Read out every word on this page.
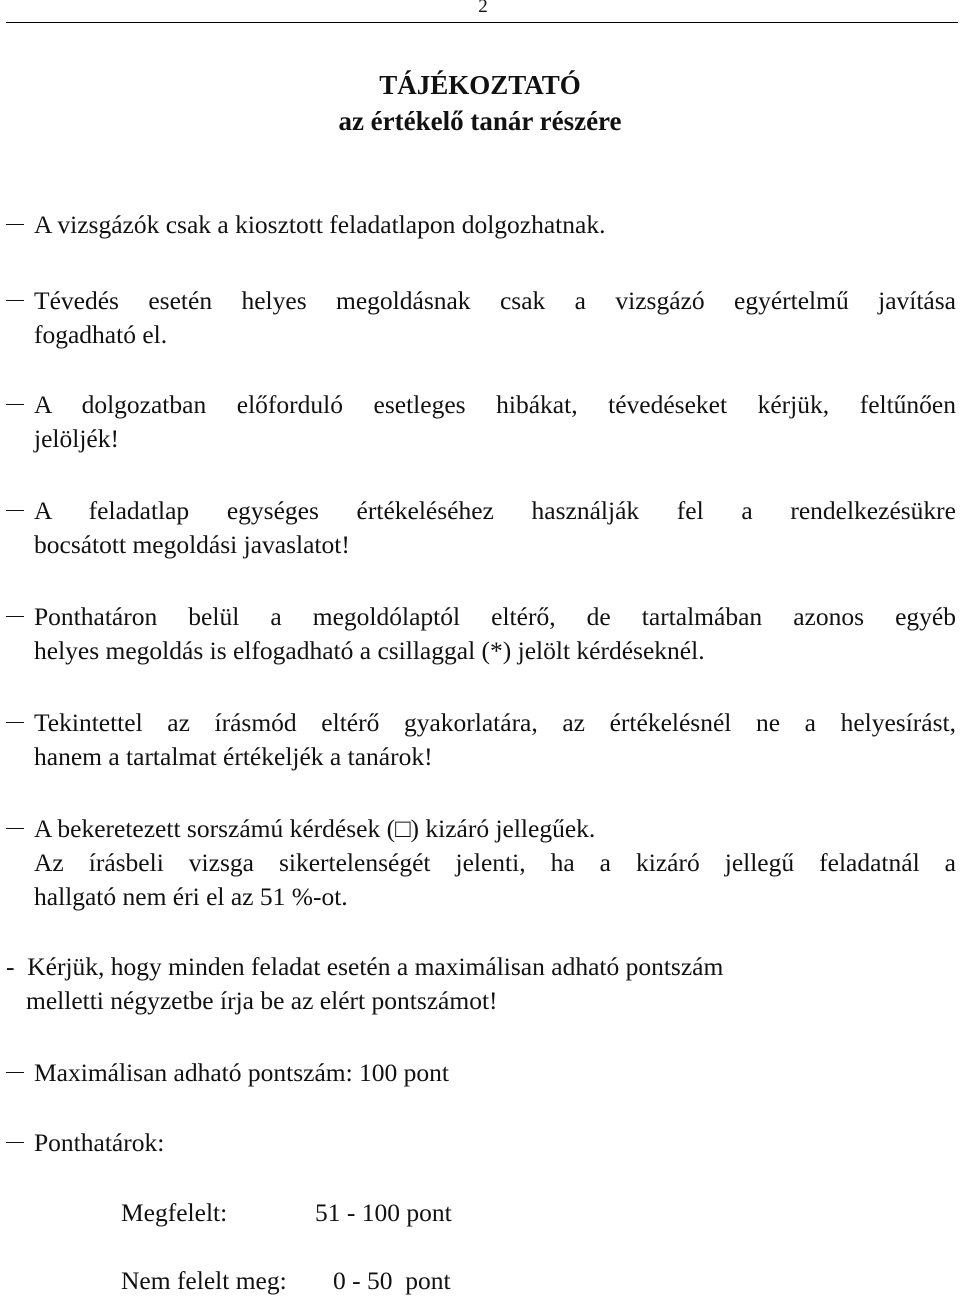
2
TÁJÉKOZTATÓ
az értékelő tanár részére
A vizsgázók csak a kiosztott feladatlapon dolgozhatnak.
Tévedés esetén helyes megoldásnak csak a vizsgázó egyértelmű javítása
fogadható el.
A dolgozatban előforduló esetleges hibákat, tévedéseket kérjük, feltűnően
jelöljék!
A feladatlap egységes értékeléséhez használják fel a rendelkezésükre
bocsátott megoldási javaslatot!
Ponthatáron belül a megoldólaptól eltérő, de tartalmában azonos egyéb
helyes megoldás is elfogadható a csillaggal (*) jelölt kérdéseknél.
Tekintettel az írásmód eltérő gyakorlatára, az értékelésnél ne a helyesírást,
hanem a tartalmat értékeljék a tanárok!
A bekeretezett sorszámú kérdések (□) kizáró jellegűek.
Az írásbeli vizsga sikertelenségét jelenti, ha a kizáró jellegű feladatnál a
hallgató nem éri el az 51 %-ot.
- Kérjük, hogy minden feladat esetén a maximálisan adható pontszám
melletti négyzetbe írja be az elért pontszámot!
Maximálisan adható pontszám: 100 pont
Ponthatárok:
Megfelelt:	51 - 100 pont
Nem felelt meg: 0 - 50  pont
